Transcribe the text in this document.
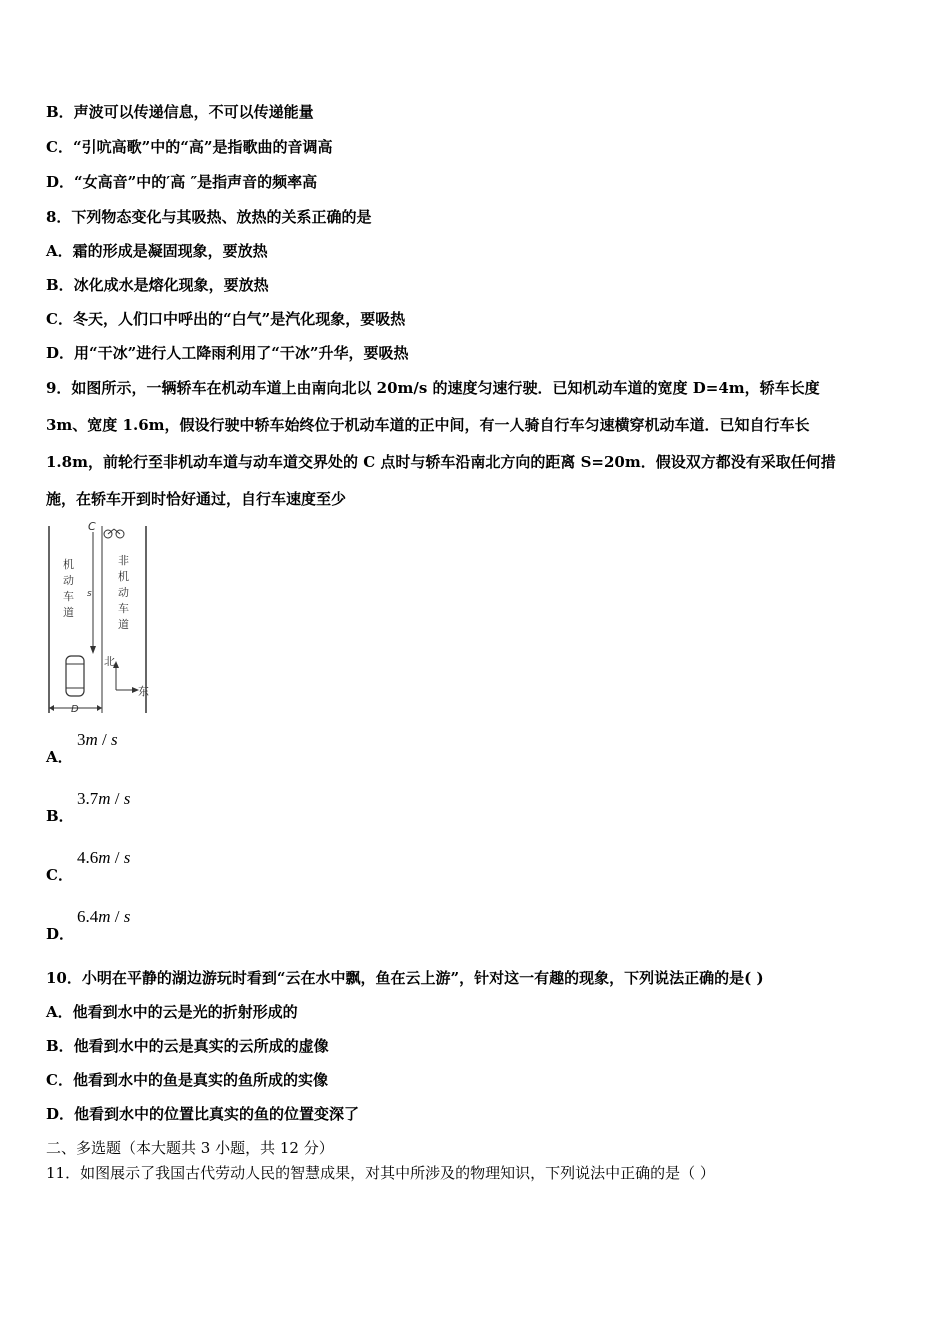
B．声波可以传递信息，不可以传递能量
C．“引吭高歌”中的“高”是指歌曲的音调高
D．“女高音”中的′高 ″是指声音的频率高
8．下列物态变化与其吸热、放热的关系正确的是
A．霜的形成是凝固现象，要放热
B．冰化成水是熔化现象，要放热
C．冬天，人们口中呼出的“白气”是汽化现象，要吸热
D．用“干冰”进行人工降雨利用了“干冰”升华，要吸热
9．如图所示，一辆轿车在机动车道上由南向北以 20m/s 的速度匀速行驶．已知机动车道的宽度 D=4m，轿车长度
3m、宽度 1.6m，假设行驶中轿车始终位于机动车道的正中间，有一人骑自行车匀速横穿机动车道．已知自行车长
1.8m，前轮行至非机动车道与动车道交界处的 C 点时与轿车沿南北方向的距离 S=20m．假设双方都没有采取任何措
施，在轿车开到时恰好通过，自行车速度至少
机
动
车
道
非
机
动
车
道
C
s
D
北
东
A．
3m / s
B．
3.7m / s
C．
4.6m / s
D．
6.4m / s
10．小明在平静的湖边游玩时看到“云在水中飘，鱼在云上游”，针对这一有趣的现象，下列说法正确的是( )
A．他看到水中的云是光的折射形成的
B．他看到水中的云是真实的云所成的虚像
C．他看到水中的鱼是真实的鱼所成的实像
D．他看到水中的位置比真实的鱼的位置变深了
二、多选题（本大题共 3 小题，共 12 分）
11．如图展示了我国古代劳动人民的智慧成果，对其中所涉及的物理知识，下列说法中正确的是（ ）
